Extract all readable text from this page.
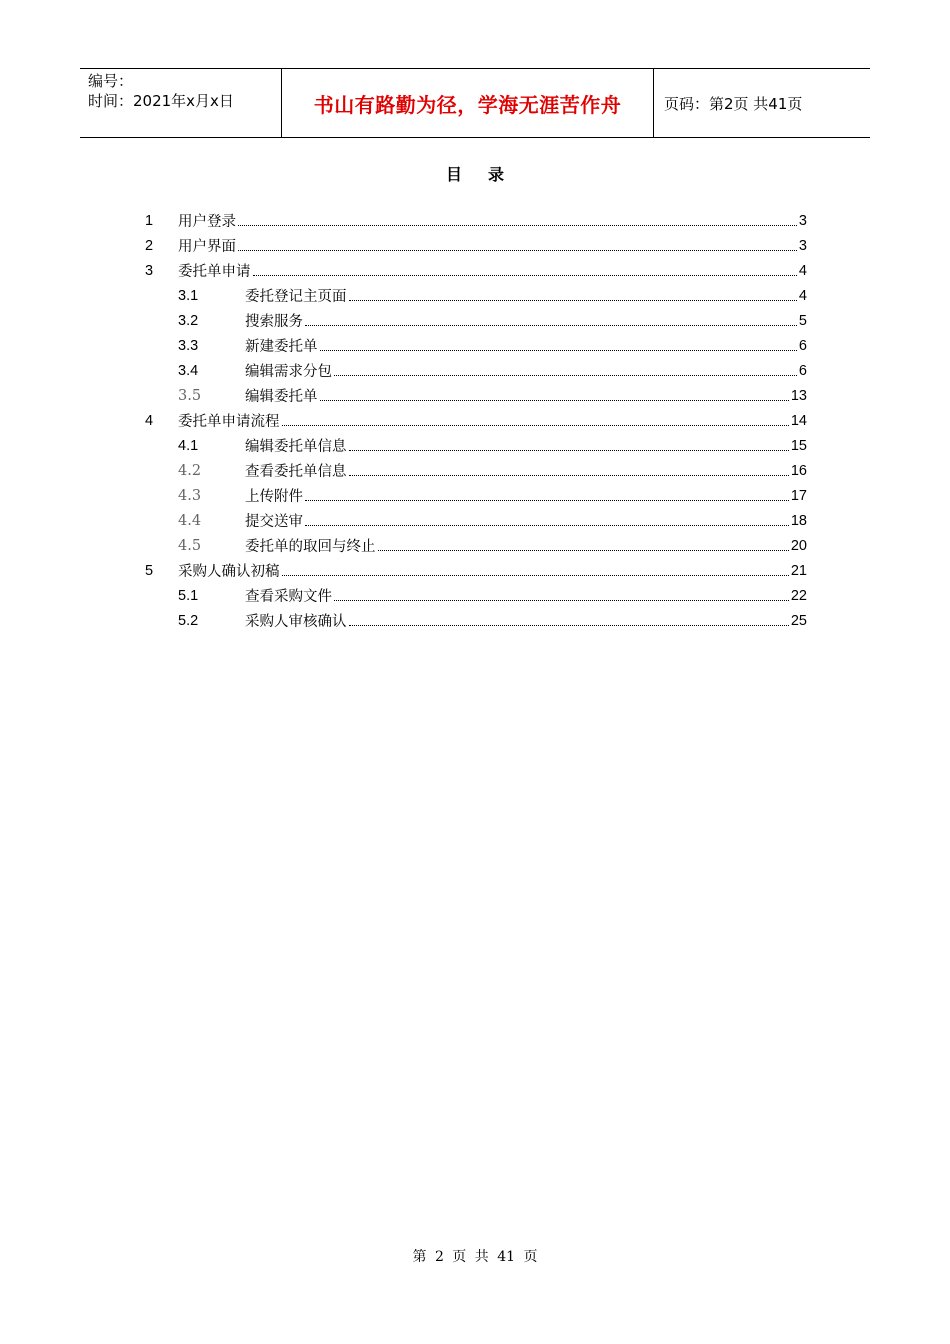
编号：
时间：2021年x月x日	书山有路勤为径，学海无涯苦作舟	页码：第2页 共41页
目录
1	用户登录	3
2	用户界面	3
3	委托单申请	4
3.1	委托登记主页面	4
3.2	搜索服务	5
3.3	新建委托单	6
3.4	编辑需求分包	6
3.5	编辑委托单	13
4	委托单申请流程	14
4.1	编辑委托单信息	15
4.2	查看委托单信息	16
4.3	上传附件	17
4.4	提交送审	18
4.5	委托单的取回与终止	20
5	采购人确认初稿	21
5.1	查看采购文件	22
5.2	采购人审核确认	25
第 2 页 共 41 页
